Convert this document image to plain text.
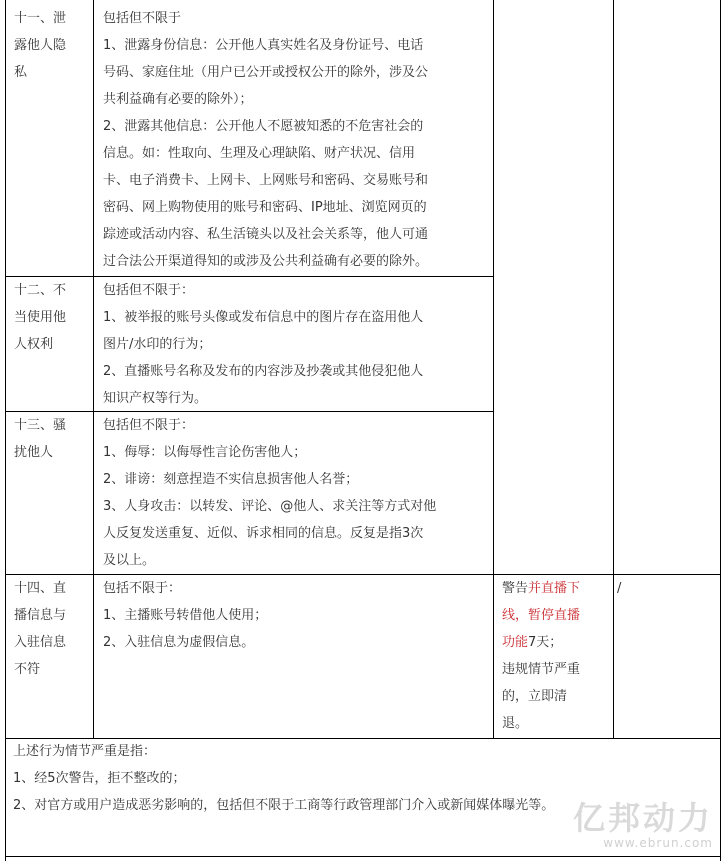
十一、泄

露他人隐

私

包括但不限于

1、泄露身份信息：公开他人真实姓名及身份证号、电话

号码、家庭住址（用户已公开或授权公开的除外，涉及公

共利益确有必要的除外）；

2、泄露其他信息：公开他人不愿被知悉的不危害社会的

信息。如：性取向、生理及心理缺陷、财产状况、信用

卡、电子消费卡、上网卡、上网账号和密码、交易账号和

密码、网上购物使用的账号和密码、IP地址、浏览网页的

踪迹或活动内容、私生活镜头以及社会关系等，他人可通

过合法公开渠道得知的或涉及公共利益确有必要的除外。

十二、不

当使用他

人权利

包括但不限于：

1、被举报的账号头像或发布信息中的图片存在盗用他人

图片/水印的行为；

2、直播账号名称及发布的内容涉及抄袭或其他侵犯他人

知识产权等行为。

十三、骚

扰他人

包括但不限于：

1、侮辱：以侮辱性言论伤害他人；

2、诽谤：刻意捏造不实信息损害他人名誉；

3、人身攻击：以转发、评论、@他人、求关注等方式对他

人反复发送重复、近似、诉求相同的信息。反复是指3次

及以上。

十四、直

播信息与

入驻信息

不符

包括不限于：

1、主播账号转借他人使用；

2、入驻信息为虚假信息。

警告并直播下

线，暂停直播

功能7天；

违规情节严重

的，立即清

退。

/

上述行为情节严重是指：

1、经5次警告，拒不整改的；

2、对官方或用户造成恶劣影响的，包括但不限于工商等行政管理部门介入或新闻媒体曝光等。 亿邦动力
www.ebrun.com
